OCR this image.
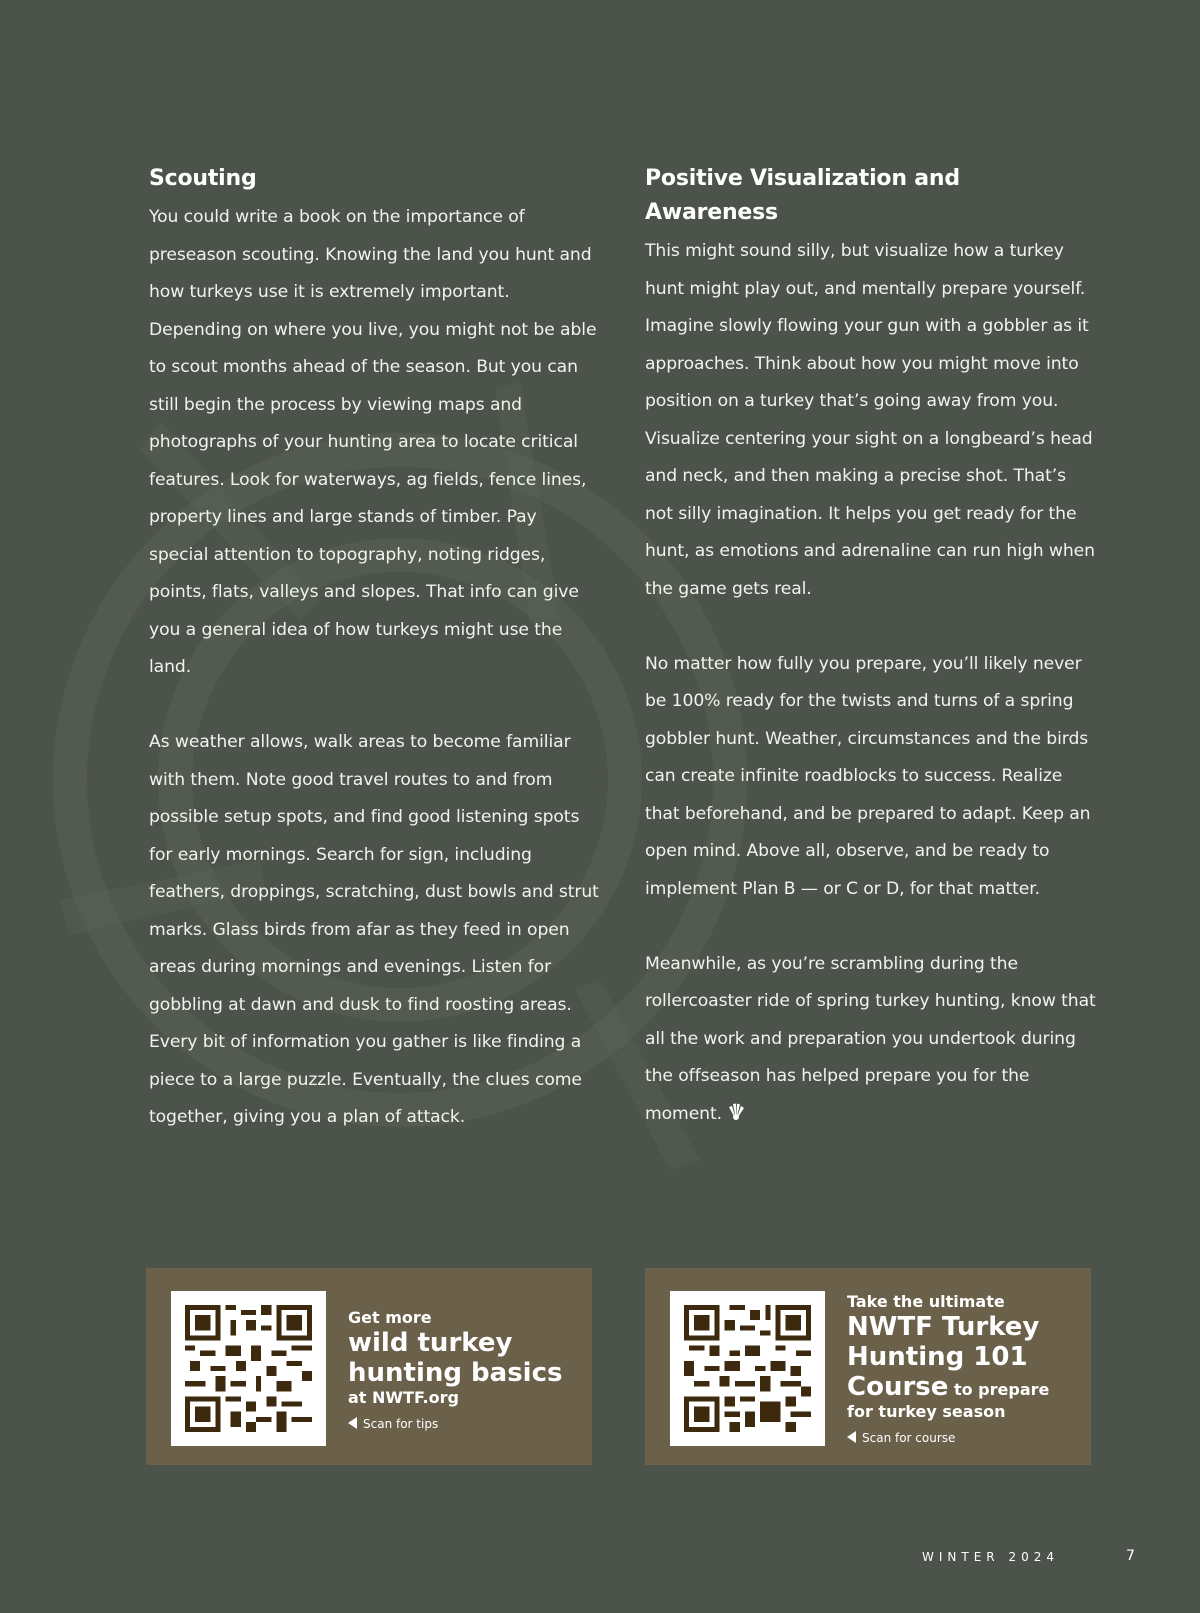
Scouting

You could write a book on the importance of preseason scouting. Knowing the land you hunt and how turkeys use it is extremely important. Depending on where you live, you might not be able to scout months ahead of the season. But you can still begin the process by viewing maps and photographs of your hunting area to locate critical features. Look for waterways, ag fields, fence lines, property lines and large stands of timber. Pay special attention to topography, noting ridges, points, flats, valleys and slopes. That info can give you a general idea of how turkeys might use the land.

As weather allows, walk areas to become familiar with them. Note good travel routes to and from possible setup spots, and find good listening spots for early mornings. Search for sign, including feathers, droppings, scratching, dust bowls and strut marks. Glass birds from afar as they feed in open areas during mornings and evenings. Listen for gobbling at dawn and dusk to find roosting areas. Every bit of information you gather is like finding a piece to a large puzzle. Eventually, the clues come together, giving you a plan of attack.

Positive Visualization and Awareness

This might sound silly, but visualize how a turkey hunt might play out, and mentally prepare yourself. Imagine slowly flowing your gun with a gobbler as it approaches. Think about how you might move into position on a turkey that’s going away from you. Visualize centering your sight on a longbeard’s head and neck, and then making a precise shot. That’s not silly imagination. It helps you get ready for the hunt, as emotions and adrenaline can run high when the game gets real.

No matter how fully you prepare, you’ll likely never be 100% ready for the twists and turns of a spring gobbler hunt. Weather, circumstances and the birds can create infinite roadblocks to success. Realize that beforehand, and be prepared to adapt. Keep an open mind. Above all, observe, and be ready to implement Plan B — or C or D, for that matter.

Meanwhile, as you’re scrambling during the rollercoaster ride of spring turkey hunting, know that all the work and preparation you undertook during the offseason has helped prepare you for the moment.

Get more
wild turkey
hunting basics
at NWTF.org
Scan for tips
Take the ultimate
NWTF Turkey
Hunting 101
Course to prepare
for turkey season
Scan for course
WINTER 2024	7
